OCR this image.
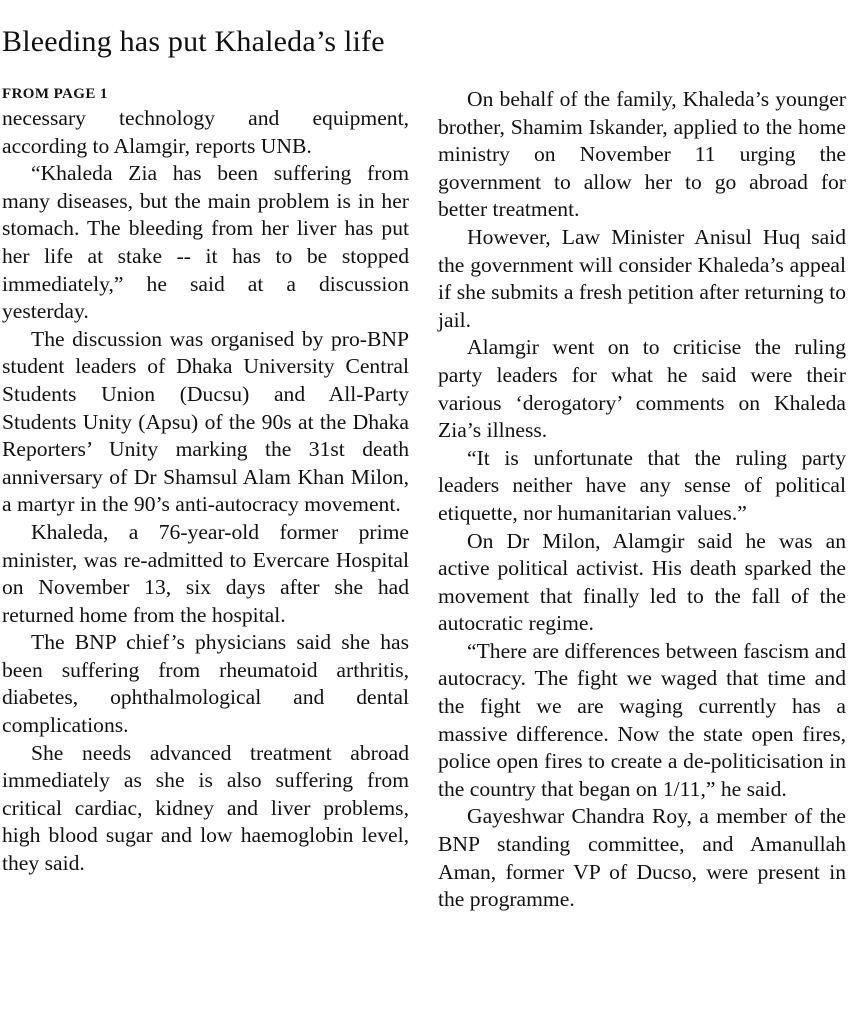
Bleeding has put Khaleda’s life
FROM PAGE 1

necessary technology and equipment, according to Alamgir, reports UNB.

“Khaleda Zia has been suffering from many diseases, but the main problem is in her stomach. The bleeding from her liver has put her life at stake -- it has to be stopped immediately,” he said at a discussion yesterday.

The discussion was organised by pro-BNP student leaders of Dhaka University Central Students Union (Ducsu) and All-Party Students Unity (Apsu) of the 90s at the Dhaka Reporters’ Unity marking the 31st death anniversary of Dr Shamsul Alam Khan Milon, a martyr in the 90’s anti-autocracy movement.

Khaleda, a 76-year-old former prime minister, was re-admitted to Evercare Hospital on November 13, six days after she had returned home from the hospital.

The BNP chief’s physicians said she has been suffering from rheumatoid arthritis, diabetes, ophthalmological and dental complications.

She needs advanced treatment abroad immediately as she is also suffering from critical cardiac, kidney and liver problems, high blood sugar and low haemoglobin level, they said.

On behalf of the family, Khaleda’s younger brother, Shamim Iskander, applied to the home ministry on November 11 urging the government to allow her to go abroad for better treatment.

However, Law Minister Anisul Huq said the government will consider Khaleda’s appeal if she submits a fresh petition after returning to jail.

Alamgir went on to criticise the ruling party leaders for what he said were their various ‘derogatory’ comments on Khaleda Zia’s illness.

“It is unfortunate that the ruling party leaders neither have any sense of political etiquette, nor humanitarian values.”

On Dr Milon, Alamgir said he was an active political activist. His death sparked the movement that finally led to the fall of the autocratic regime.

“There are differences between fascism and autocracy. The fight we waged that time and the fight we are waging currently has a massive difference. Now the state open fires, police open fires to create a de-politicisation in the country that began on 1/11,” he said.

Gayeshwar Chandra Roy, a member of the BNP standing committee, and Amanullah Aman, former VP of Ducso, were present in the programme.
